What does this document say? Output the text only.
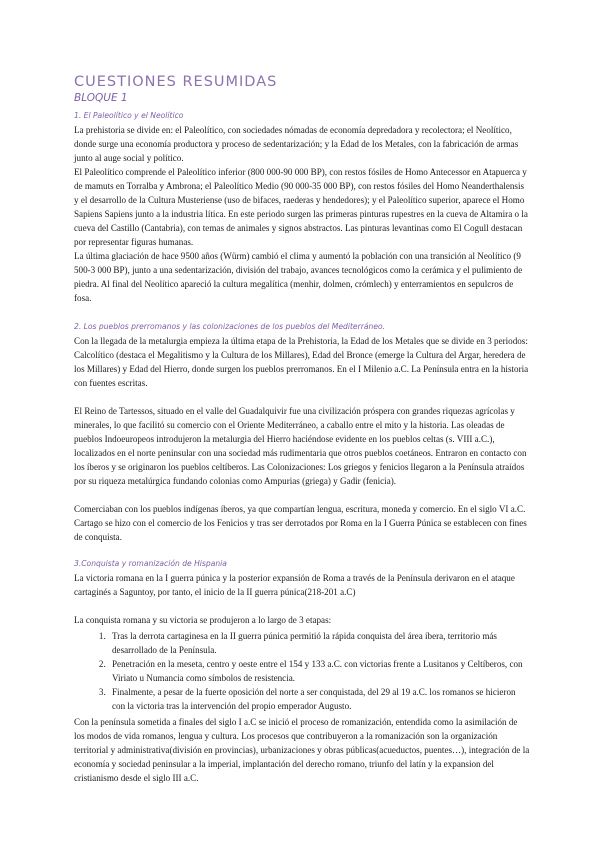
CUESTIONES RESUMIDAS
BLOQUE 1
1. El Paleolítico y el Neolítico

La prehistoria se divide en: el Paleolítico, con sociedades nómadas de economía depredadora y recolectora; el Neolítico, donde surge una economía productora y proceso de sedentarización; y la Edad de los Metales, con la fabricación de armas junto al auge social y político.

El Paleolítico comprende el Paleolítico inferior (800 000-90 000 BP), con restos fósiles de Homo Antecessor en Atapuerca y de mamuts en Torralba y Ambrona; el Paleolítico Medio (90 000-35 000 BP), con restos fósiles del Homo Neanderthalensis y el desarrollo de la Cultura Musteriense (uso de bifaces, raederas y hendedores); y el Paleolítico superior, aparece el Homo Sapiens Sapiens junto a la industria lítica. En este periodo surgen las primeras pinturas rupestres en la cueva de Altamira o la cueva del Castillo (Cantabria), con temas de animales y signos abstractos. Las pinturas levantinas como El Cogull destacan por representar figuras humanas.

La última glaciación de hace 9500 años (Würm) cambió el clima y aumentó la población con una transición al Neolítico (9 500-3 000 BP), junto a una sedentarización, división del trabajo, avances tecnológicos como la cerámica y el pulimiento de piedra. Al final del Neolítico apareció la cultura megalítica (menhir, dolmen, crómlech) y enterramientos en sepulcros de fosa.

2. Los pueblos prerromanos y las colonizaciones de los pueblos del Mediterráneo.

Con la llegada de la metalurgia empieza la última etapa de la Prehistoria, la Edad de los Metales que se divide en 3 periodos: Calcolítico (destaca el Megalitismo y la Cultura de los Millares), Edad del Bronce (emerge la Cultura del Argar, heredera de los Millares) y Edad del Hierro, donde surgen los pueblos prerromanos. En el I Milenio a.C. La Península entra en la historia con fuentes escritas.

El Reino de Tartessos, situado en el valle del Guadalquivir fue una civilización próspera con grandes riquezas agrícolas y minerales, lo que facilitó su comercio con el Oriente Mediterráneo, a caballo entre el mito y la historia. Las oleadas de pueblos Indoeuropeos introdujeron la metalurgia del Hierro haciéndose evidente en los pueblos celtas (s. VIII a.C.), localizados en el norte peninsular con una sociedad más rudimentaria que otros pueblos coetáneos. Entraron en contacto con los íberos y se originaron los pueblos celtíberos. Las Colonizaciones: Los griegos y fenicios llegaron a la Península atraídos por su riqueza metalúrgica fundando colonias como Ampurias (griega) y Gadir (fenicia).

Comerciaban con los pueblos indígenas íberos, ya que compartían lengua, escritura, moneda y comercio. En el siglo VI a.C. Cartago se hizo con el comercio de los Fenicios y tras ser derrotados por Roma en la I Guerra Púnica se establecen con fines de conquista.

3.Conquista y romanización de Hispania

La victoria romana en la I guerra púnica y la posterior expansión de Roma a través de la Península derivaron en el ataque cartaginés a Saguntoy, por tanto, el inicio de la II guerra púnica(218-201 a.C)

La conquista romana y su victoria se produjeron a lo largo de 3 etapas:

1. Tras la derrota cartaginesa en la II guerra púnica permitió la rápida conquista del área íbera, territorio más desarrollado de la Península.
2. Penetración en la meseta, centro y oeste entre el 154 y 133 a.C. con victorias frente a Lusitanos y Celtíberos, con Viriato u Numancia como símbolos de resistencia.
3. Finalmente, a pesar de la fuerte oposición del norte a ser conquistada, del 29 al 19 a.C. los romanos se hicieron con la victoria tras la intervención del propio emperador Augusto.

Con la península sometida a finales del siglo I a.C se inició el proceso de romanización, entendida como la asimilación de los modos de vida romanos, lengua y cultura. Los procesos que contribuyeron a la romanización son la organización territorial y administrativa(división en provincias), urbanizaciones y obras públicas(acueductos, puentes…), integración de la economía y sociedad peninsular a la imperial, implantación del derecho romano, triunfo del latín y la expansion del cristianismo desde el siglo III a.C.
